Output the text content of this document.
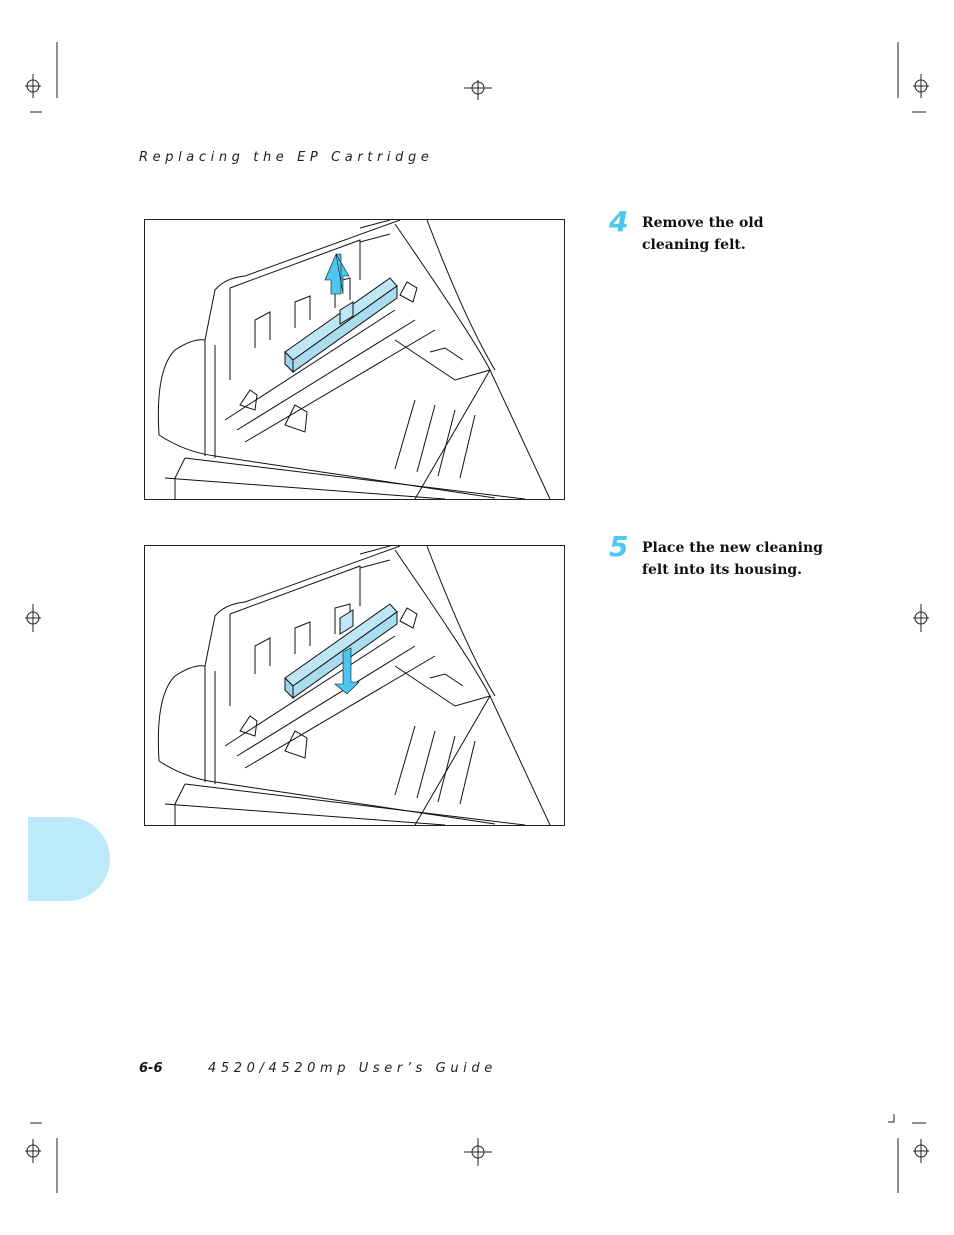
Replacing the EP Cartridge
4 Remove the old cleaning felt.
5 Place the new cleaning felt into its housing.
6-6	4520/4520mp User’s Guide
